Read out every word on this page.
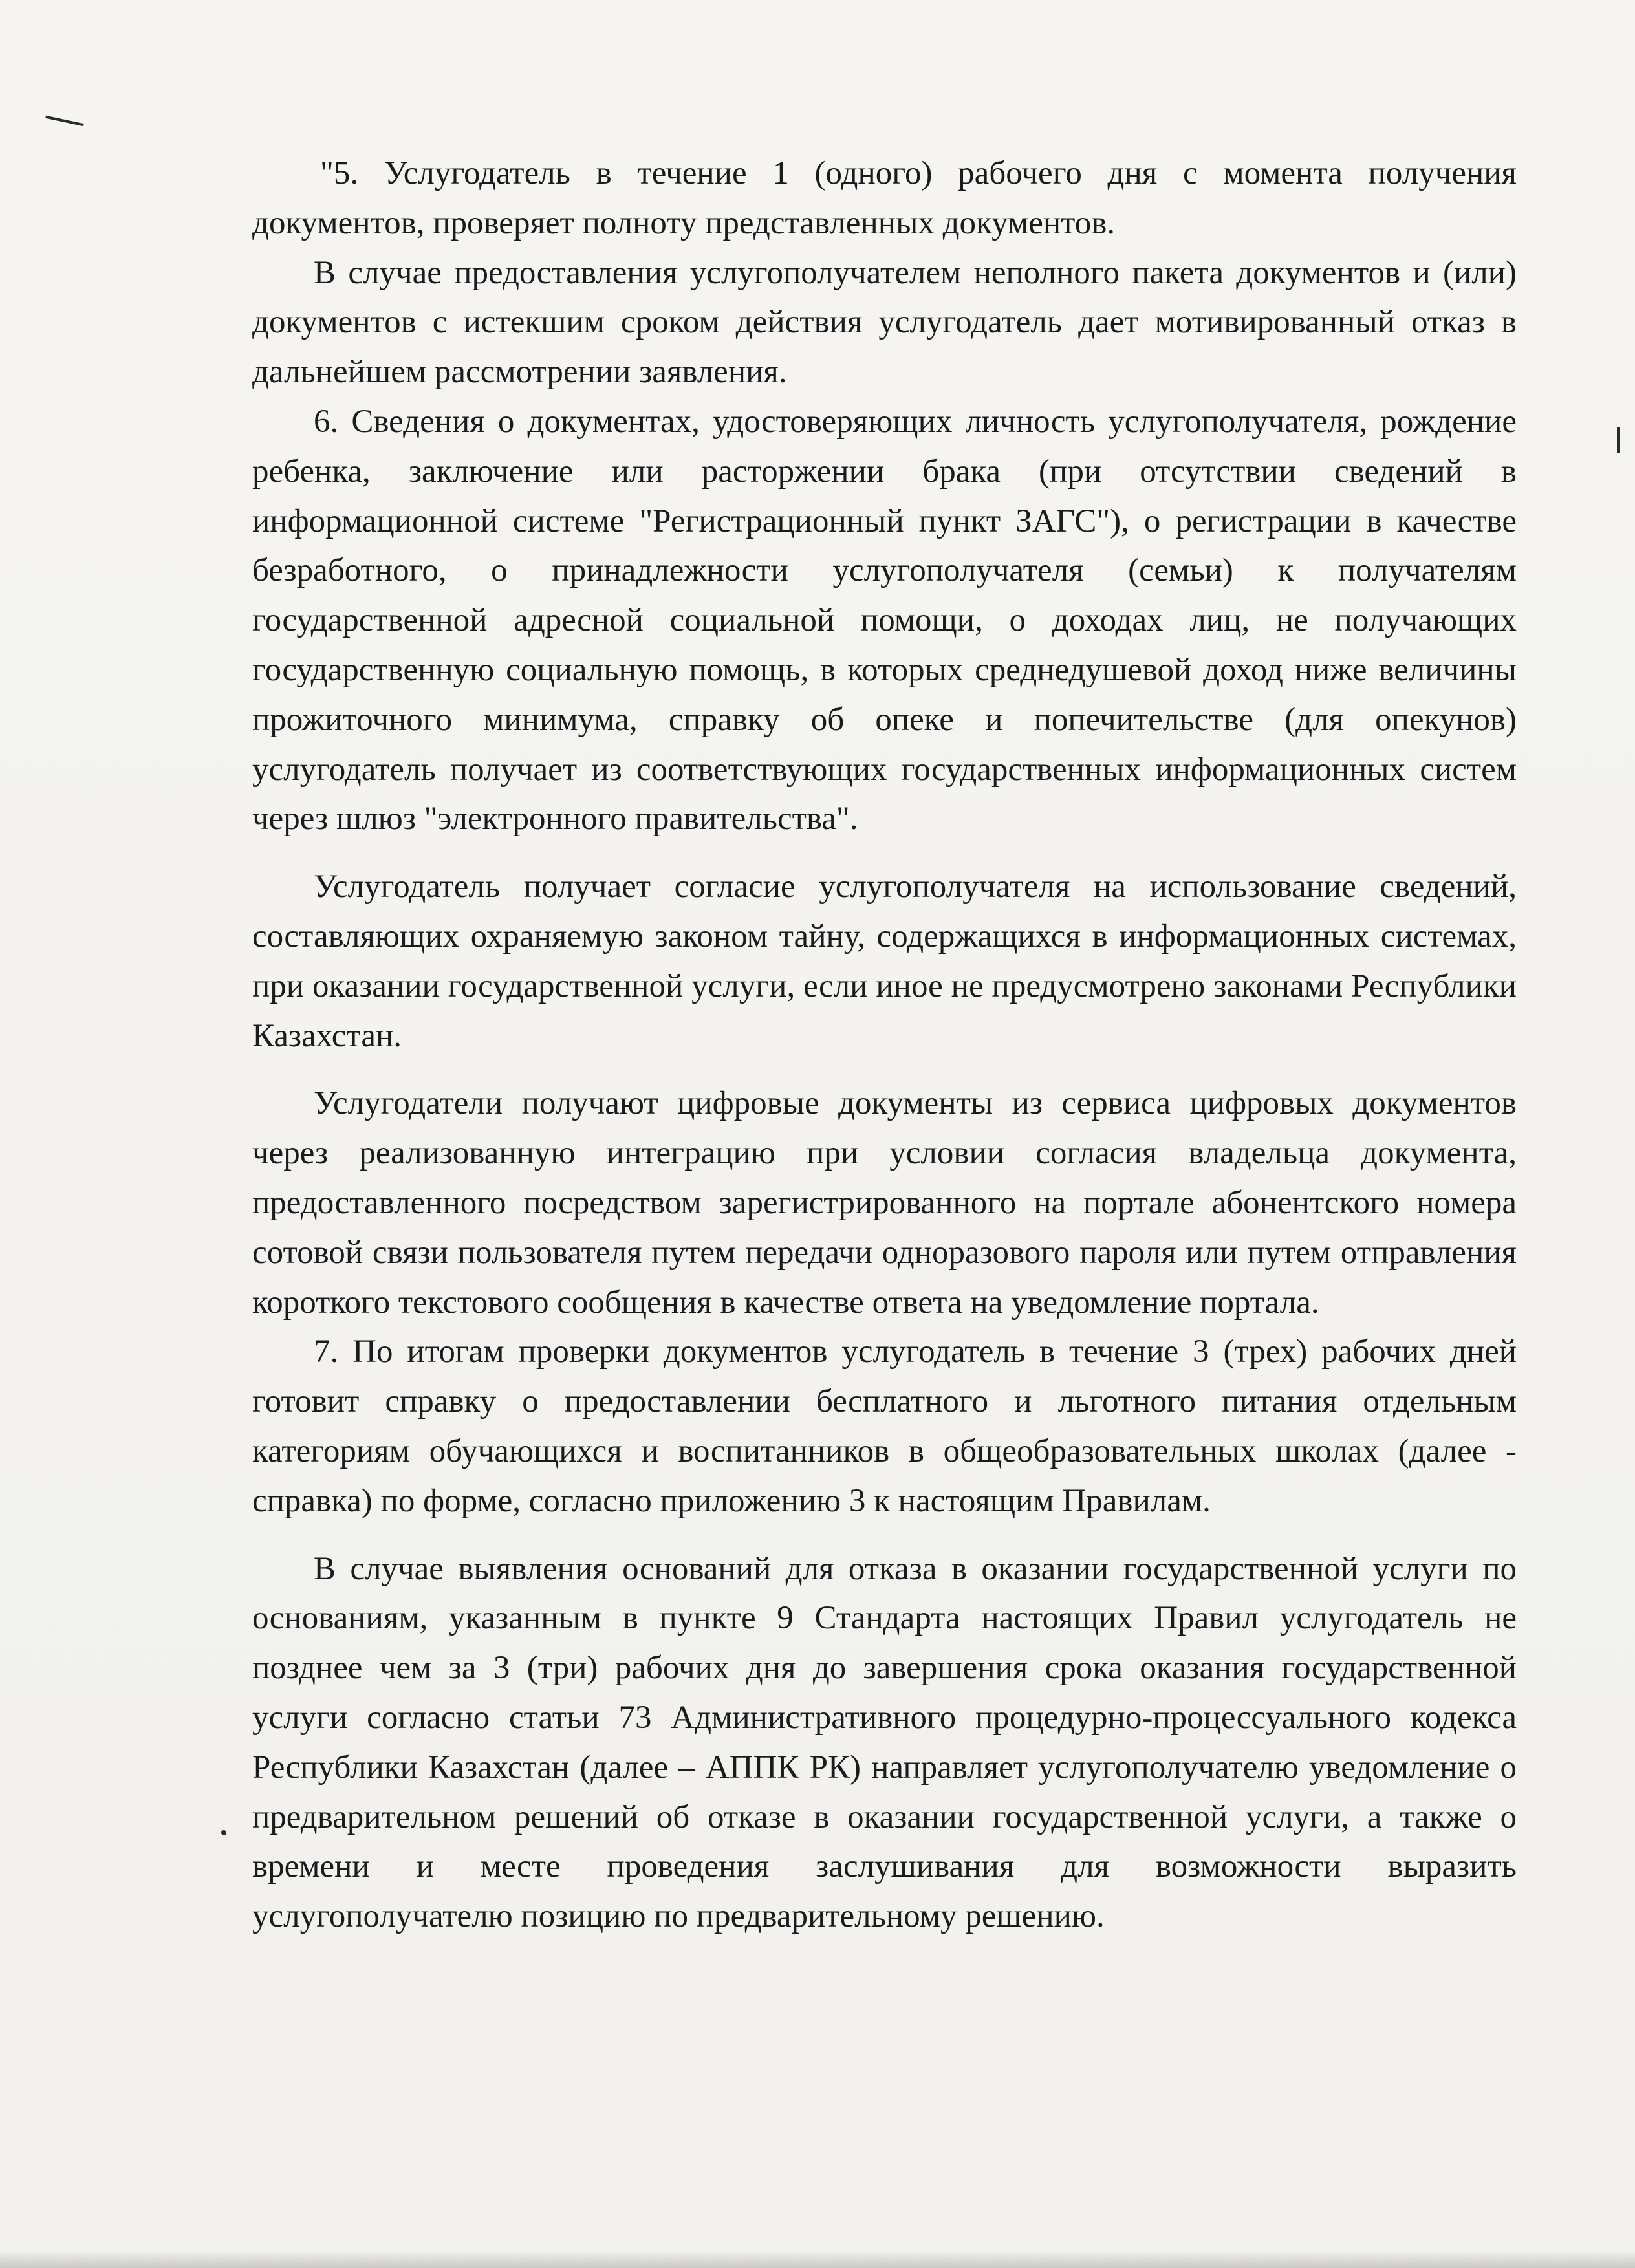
"5. Услугодатель в течение 1 (одного) рабочего дня с момента получения документов, проверяет полноту представленных документов.

В случае предоставления услугополучателем неполного пакета документов и (или) документов с истекшим сроком действия услугодатель дает мотивированный отказ в дальнейшем рассмотрении заявления.

6. Сведения о документах, удостоверяющих личность услугополучателя, рождение ребенка, заключение или расторжении брака (при отсутствии сведений в информационной системе "Регистрационный пункт ЗАГС"), о регистрации в качестве безработного, о принадлежности услугополучателя (семьи) к получателям государственной адресной социальной помощи, о доходах лиц, не получающих государственную социальную помощь, в которых среднедушевой доход ниже величины прожиточного минимума, справку об опеке и попечительстве (для опекунов) услугодатель получает из соответствующих государственных информационных систем через шлюз "электронного правительства".

Услугодатель получает согласие услугополучателя на использование сведений, составляющих охраняемую законом тайну, содержащихся в информационных системах, при оказании государственной услуги, если иное не предусмотрено законами Республики Казахстан.

Услугодатели получают цифровые документы из сервиса цифровых документов через реализованную интеграцию при условии согласия владельца документа, предоставленного посредством зарегистрированного на портале абонентского номера сотовой связи пользователя путем передачи одноразового пароля или путем отправления короткого текстового сообщения в качестве ответа на уведомление портала.

7. По итогам проверки документов услугодатель в течение 3 (трех) рабочих дней готовит справку о предоставлении бесплатного и льготного питания отдельным категориям обучающихся и воспитанников в общеобразовательных школах (далее - справка) по форме, согласно приложению 3 к настоящим Правилам.

В случае выявления оснований для отказа в оказании государственной услуги по основаниям, указанным в пункте 9 Стандарта настоящих Правил услугодатель не позднее чем за 3 (три) рабочих дня до завершения срока оказания государственной услуги согласно статьи 73 Административного процедурно-процессуального кодекса Республики Казахстан (далее – АППК РК) направляет услугополучателю уведомление о предварительном решений об отказе в оказании государственной услуги, а также о времени и месте проведения заслушивания для возможности выразить услугополучателю позицию по предварительному решению.
